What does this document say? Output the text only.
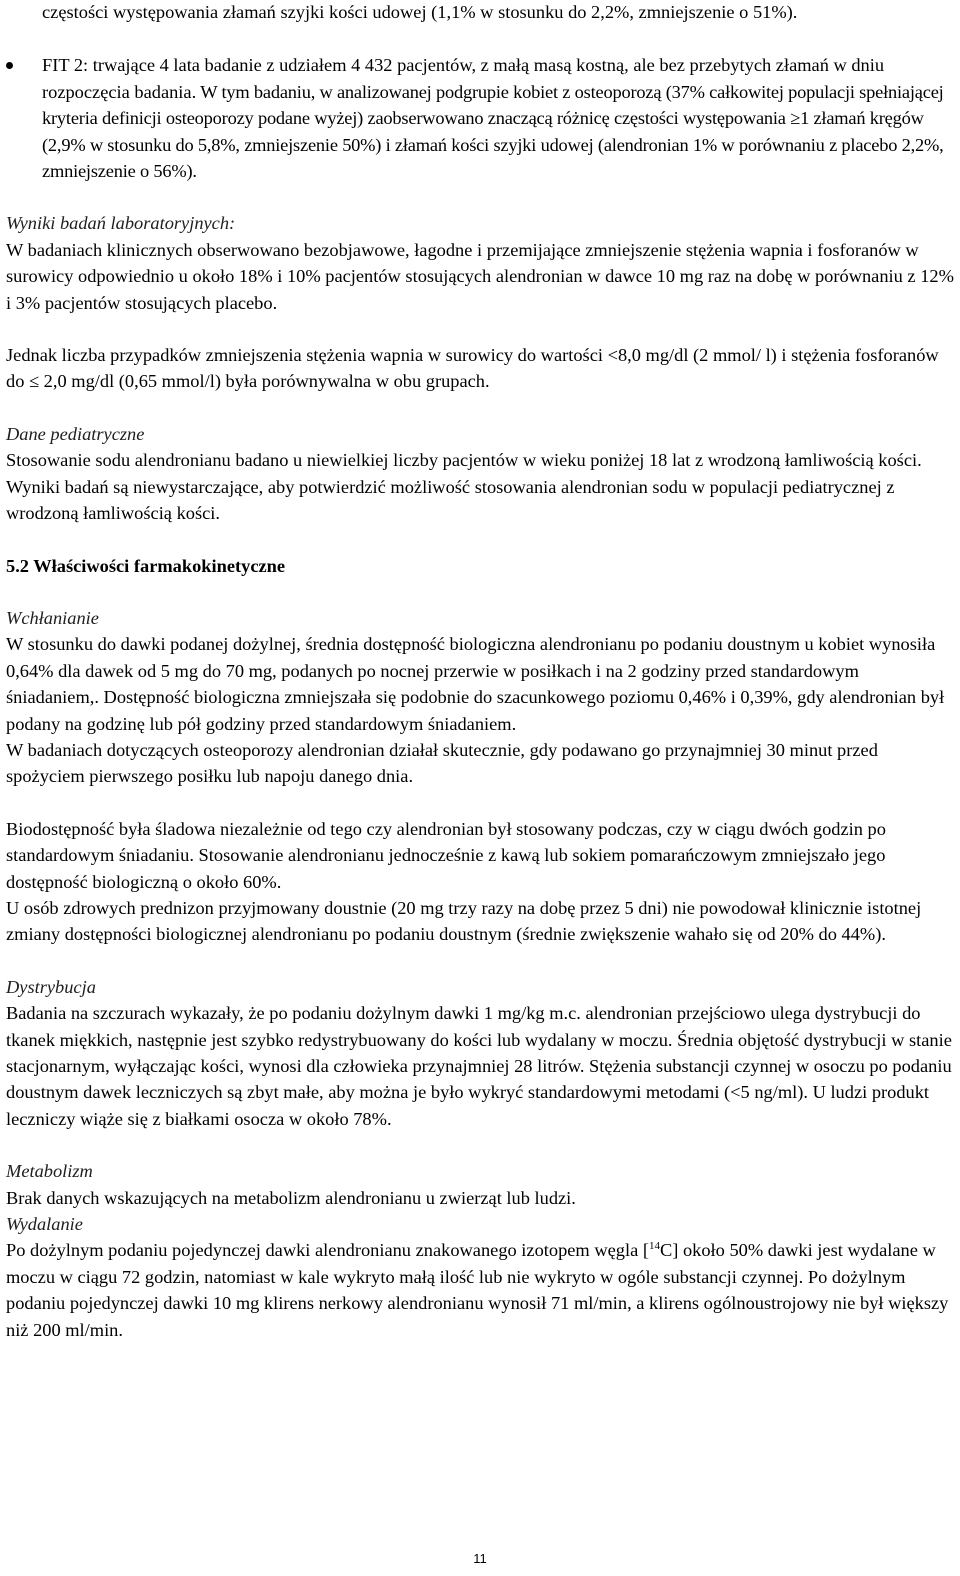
częstości występowania złamań szyjki kości udowej (1,1% w stosunku do 2,2%, zmniejszenie o 51%).

FIT 2: trwające 4 lata badanie z udziałem 4 432 pacjentów, z małą masą kostną, ale bez przebytych złamań w dniu rozpoczęcia badania. W tym badaniu, w analizowanej podgrupie kobiet z osteoporozą (37% całkowitej populacji spełniającej kryteria definicji osteoporozy podane wyżej) zaobserwowano znaczącą różnicę częstości występowania ≥1 złamań kręgów (2,9% w stosunku do 5,8%, zmniejszenie 50%) i złamań kości szyjki udowej (alendronian 1% w porównaniu z placebo 2,2%, zmniejszenie o 56%).

Wyniki badań laboratoryjnych:

W badaniach klinicznych obserwowano bezobjawowe, łagodne i przemijające zmniejszenie stężenia wapnia i fosforanów w surowicy odpowiednio u około 18% i 10% pacjentów stosujących alendronian w dawce 10 mg raz na dobę w porównaniu z 12% i 3% pacjentów stosujących placebo.

Jednak liczba przypadków zmniejszenia stężenia wapnia w surowicy do wartości <8,0 mg/dl (2 mmol/ l) i stężenia fosforanów do ≤ 2,0 mg/dl (0,65 mmol/l) była porównywalna w obu grupach.

Dane pediatryczne

Stosowanie sodu alendronianu badano u niewielkiej liczby pacjentów w wieku poniżej 18 lat z wrodzoną łamliwością kości. Wyniki badań są niewystarczające, aby potwierdzić możliwość stosowania alendronian sodu w populacji pediatrycznej z wrodzoną łamliwością kości.

5.2 Właściwości farmakokinetyczne

Wchłanianie

W stosunku do dawki podanej dożylnej, średnia dostępność biologiczna alendronianu po podaniu doustnym u kobiet wynosiła 0,64% dla dawek od 5 mg do 70 mg, podanych po nocnej przerwie w posiłkach i na 2 godziny przed standardowym śniadaniem,. Dostępność biologiczna zmniejszała się podobnie do szacunkowego poziomu 0,46% i 0,39%, gdy alendronian był podany na godzinę lub pół godziny przed standardowym śniadaniem.

W badaniach dotyczących osteoporozy alendronian działał skutecznie, gdy podawano go przynajmniej 30 minut przed spożyciem pierwszego posiłku lub napoju danego dnia.

Biodostępność była śladowa niezależnie od tego czy alendronian był stosowany podczas, czy w ciągu dwóch godzin po standardowym śniadaniu. Stosowanie alendronianu jednocześnie z kawą lub sokiem pomarańczowym zmniejszało jego dostępność biologiczną o około 60%.

U osób zdrowych prednizon przyjmowany doustnie (20 mg trzy razy na dobę przez 5 dni) nie powodował klinicznie istotnej zmiany dostępności biologicznej alendronianu po podaniu doustnym (średnie zwiększenie wahało się od 20% do 44%).

Dystrybucja

Badania na szczurach wykazały, że po podaniu dożylnym dawki 1 mg/kg m.c. alendronian przejściowo ulega dystrybucji do tkanek miękkich, następnie jest szybko redystrybuowany do kości lub wydalany w moczu. Średnia objętość dystrybucji w stanie stacjonarnym, wyłączając kości, wynosi dla człowieka przynajmniej 28 litrów. Stężenia substancji czynnej w osoczu po podaniu doustnym dawek leczniczych są zbyt małe, aby można je było wykryć standardowymi metodami (<5 ng/ml). U ludzi produkt leczniczy wiąże się z białkami osocza w około 78%.

Metabolizm

Brak danych wskazujących na metabolizm alendronianu u zwierząt lub ludzi.

Wydalanie

Po dożylnym podaniu pojedynczej dawki alendronianu znakowanego izotopem węgla [$^{14}$C] około 50% dawki jest wydalane w moczu w ciągu 72 godzin, natomiast w kale wykryto małą ilość lub nie wykryto w ogóle substancji czynnej. Po dożylnym podaniu pojedynczej dawki 10 mg klirens nerkowy alendronianu wynosił 71 ml/min, a klirens ogólnoustrojowy nie był większy niż 200 ml/min.

11
